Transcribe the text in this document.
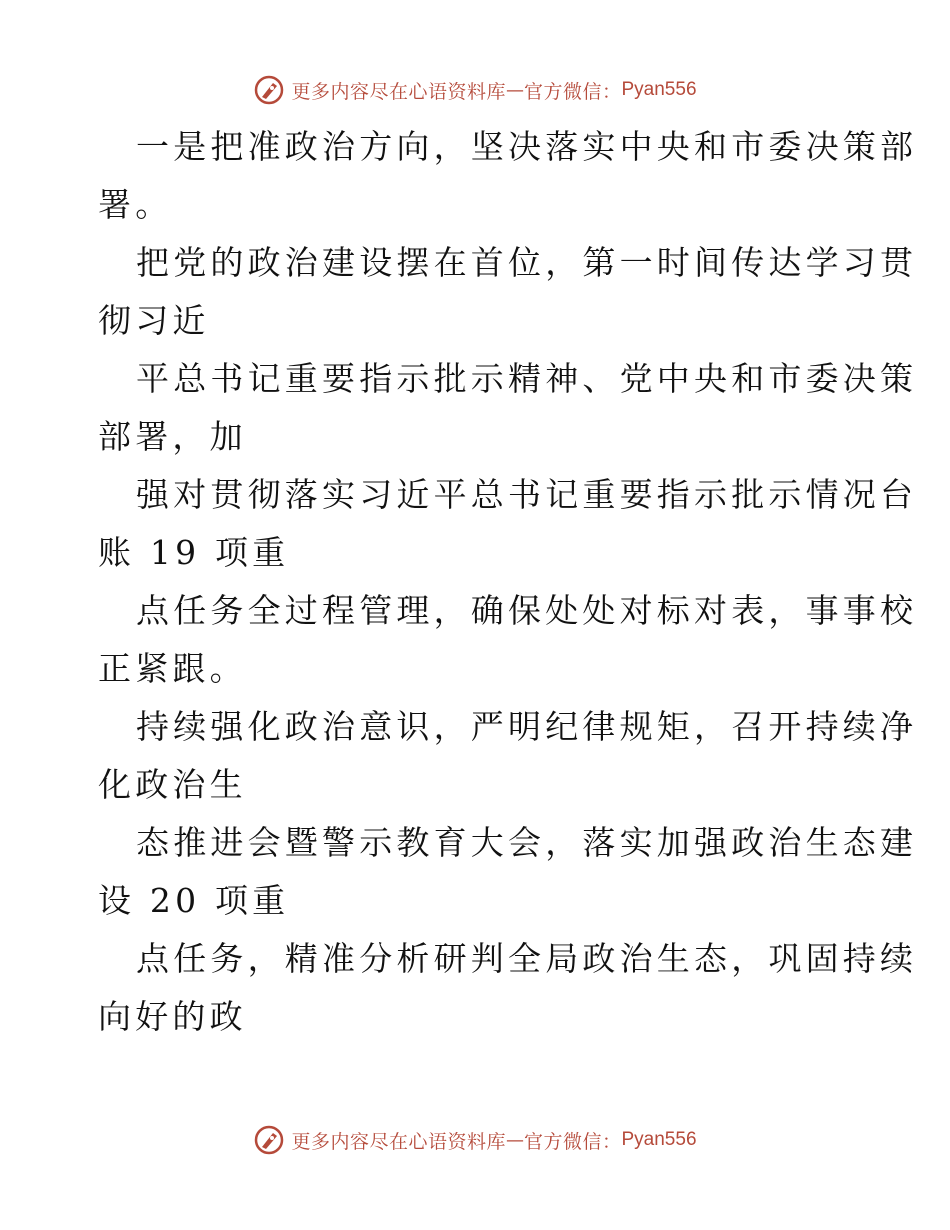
更多内容尽在心语资料库 — 官方微信： Pyan556
一是把准政治方向，坚决落实中央和市委决策部
署。
把党的政治建设摆在首位，第一时间传达学习贯
彻习近
平总书记重要指示批示精神、党中央和市委决策
部署，加
强对贯彻落实习近平总书记重要指示批示情况台
账 19 项重
点任务全过程管理，确保处处对标对表，事事校
正紧跟。
持续强化政治意识，严明纪律规矩，召开持续净
化政治生
态推进会暨警示教育大会，落实加强政治生态建
设 20 项重
点任务，精准分析研判全局政治生态，巩固持续
向好的政
更多内容尽在心语资料库 — 官方微信： Pyan556
